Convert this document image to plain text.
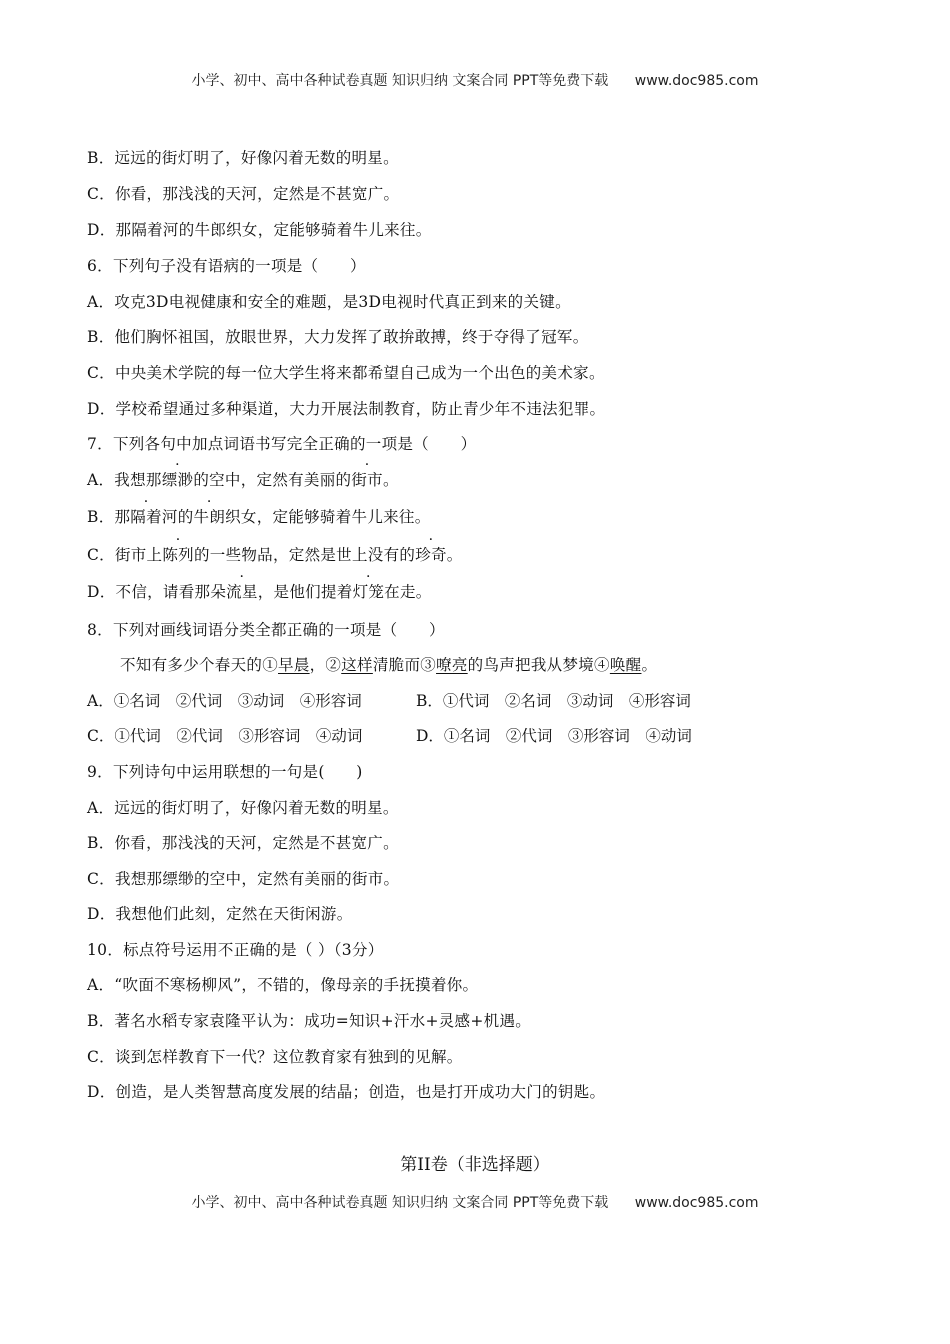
小学、初中、高中各种试卷真题 知识归纳 文案合同 PPT等免费下载 www.doc985.com
B．远远的街灯明了，好像闪着无数的明星。
C．你看，那浅浅的天河，定然是不甚宽广。
D．那隔着河的牛郎织女，定能够骑着牛儿来往。
6．下列句子没有语病的一项是（　　）
A．攻克3D电视健康和安全的难题，是3D电视时代真正到来的关键。
B．他们胸怀祖国，放眼世界，大力发挥了敢拚敢搏，终于夺得了冠军。
C．中央美术学院的每一位大学生将来都希望自己成为一个出色的美术家。
D．学校希望通过多种渠道，大力开展法制教育，防止青少年不违法犯罪。
7．下列各句中加点词语书写完全正确的一项是（　　）
A．我想那缥渺的空中，定然有美丽的街市。
B．那隔着河的牛朗织女，定能够骑着牛儿来往。
C．街市上陈列的一些物品，定然是世上没有的珍奇。
D．不信，请看那朵流星，是他们提着灯笼在走。
8．下列对画线词语分类全都正确的一项是（　　）
不知有多少个春天的①早晨，②这样清脆而③嘹亮的鸟声把我从梦境④唤醒。
A．①名词　②代词　③动词　④形容词	B．①代词　②名词　③动词　④形容词
C．①代词　②代词　③形容词　④动词	D．①名词　②代词　③形容词　④动词
9．下列诗句中运用联想的一句是(　　)
A．远远的街灯明了，好像闪着无数的明星。
B．你看，那浅浅的天河，定然是不甚宽广。
C．我想那缥缈的空中，定然有美丽的街市。
D．我想他们此刻，定然在天街闲游。
10．标点符号运用不正确的是（ ）（3分）
A．“吹面不寒杨柳风”，不错的，像母亲的手抚摸着你。
B．著名水稻专家袁隆平认为：成功=知识+汗水+灵感+机遇。
C．谈到怎样教育下一代？这位教育家有独到的见解。
D．创造，是人类智慧高度发展的结晶；创造，也是打开成功大门的钥匙。
第II卷（非选择题）
小学、初中、高中各种试卷真题 知识归纳 文案合同 PPT等免费下载 www.doc985.com
